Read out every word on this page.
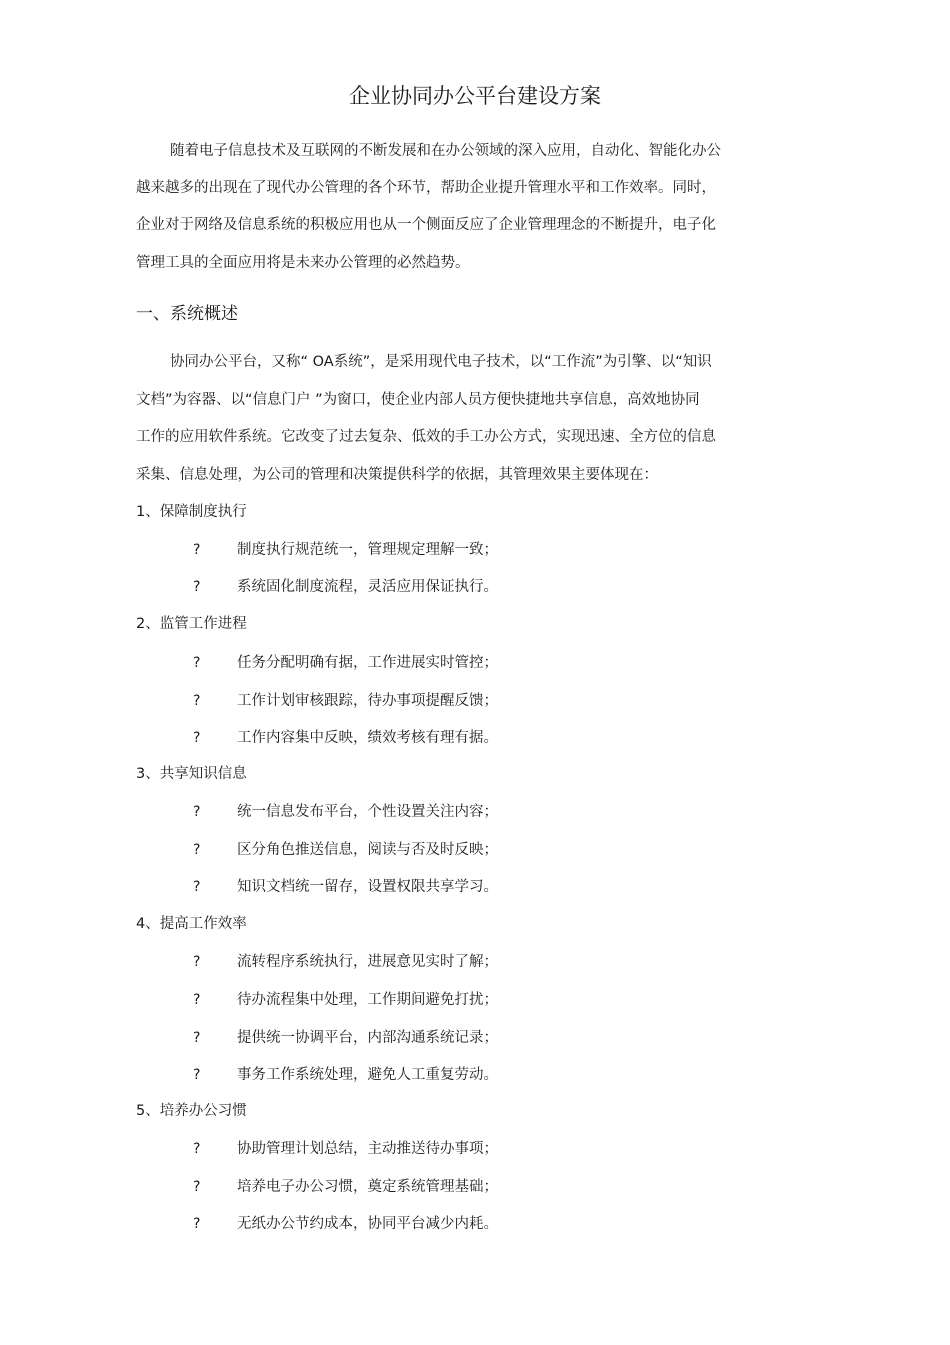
企业协同办公平台建设方案
随着电子信息技术及互联网的不断发展和在办公领域的深入应用，自动化、智能化办公
越来越多的出现在了现代办公管理的各个环节，帮助企业提升管理水平和工作效率。同时，
企业对于网络及信息系统的积极应用也从一个侧面反应了企业管理理念的不断提升，电子化
管理工具的全面应用将是未来办公管理的必然趋势。
一、系统概述
协同办公平台，又称“ OA系统”，是采用现代电子技术，以“工作流”为引擎、以“知识
文档”为容器、以“信息门户 ”为窗口，使企业内部人员方便快捷地共享信息，高效地协同
工作的应用软件系统。它改变了过去复杂、低效的手工办公方式，实现迅速、全方位的信息
采集、信息处理，为公司的管理和决策提供科学的依据，其管理效果主要体现在：
1、保障制度执行
?	制度执行规范统一，管理规定理解一致；
?	系统固化制度流程，灵活应用保证执行。
2、监管工作进程
?	任务分配明确有据，工作进展实时管控；
?	工作计划审核跟踪，待办事项提醒反馈；
?	工作内容集中反映，绩效考核有理有据。
3、共享知识信息
?	统一信息发布平台，个性设置关注内容；
?	区分角色推送信息，阅读与否及时反映；
?	知识文档统一留存，设置权限共享学习。
4、提高工作效率
?	流转程序系统执行，进展意见实时了解；
?	待办流程集中处理，工作期间避免打扰；
?	提供统一协调平台，内部沟通系统记录；
?	事务工作系统处理，避免人工重复劳动。
5、培养办公习惯
?	协助管理计划总结，主动推送待办事项；
?	培养电子办公习惯，奠定系统管理基础；
?	无纸办公节约成本，协同平台减少内耗。
